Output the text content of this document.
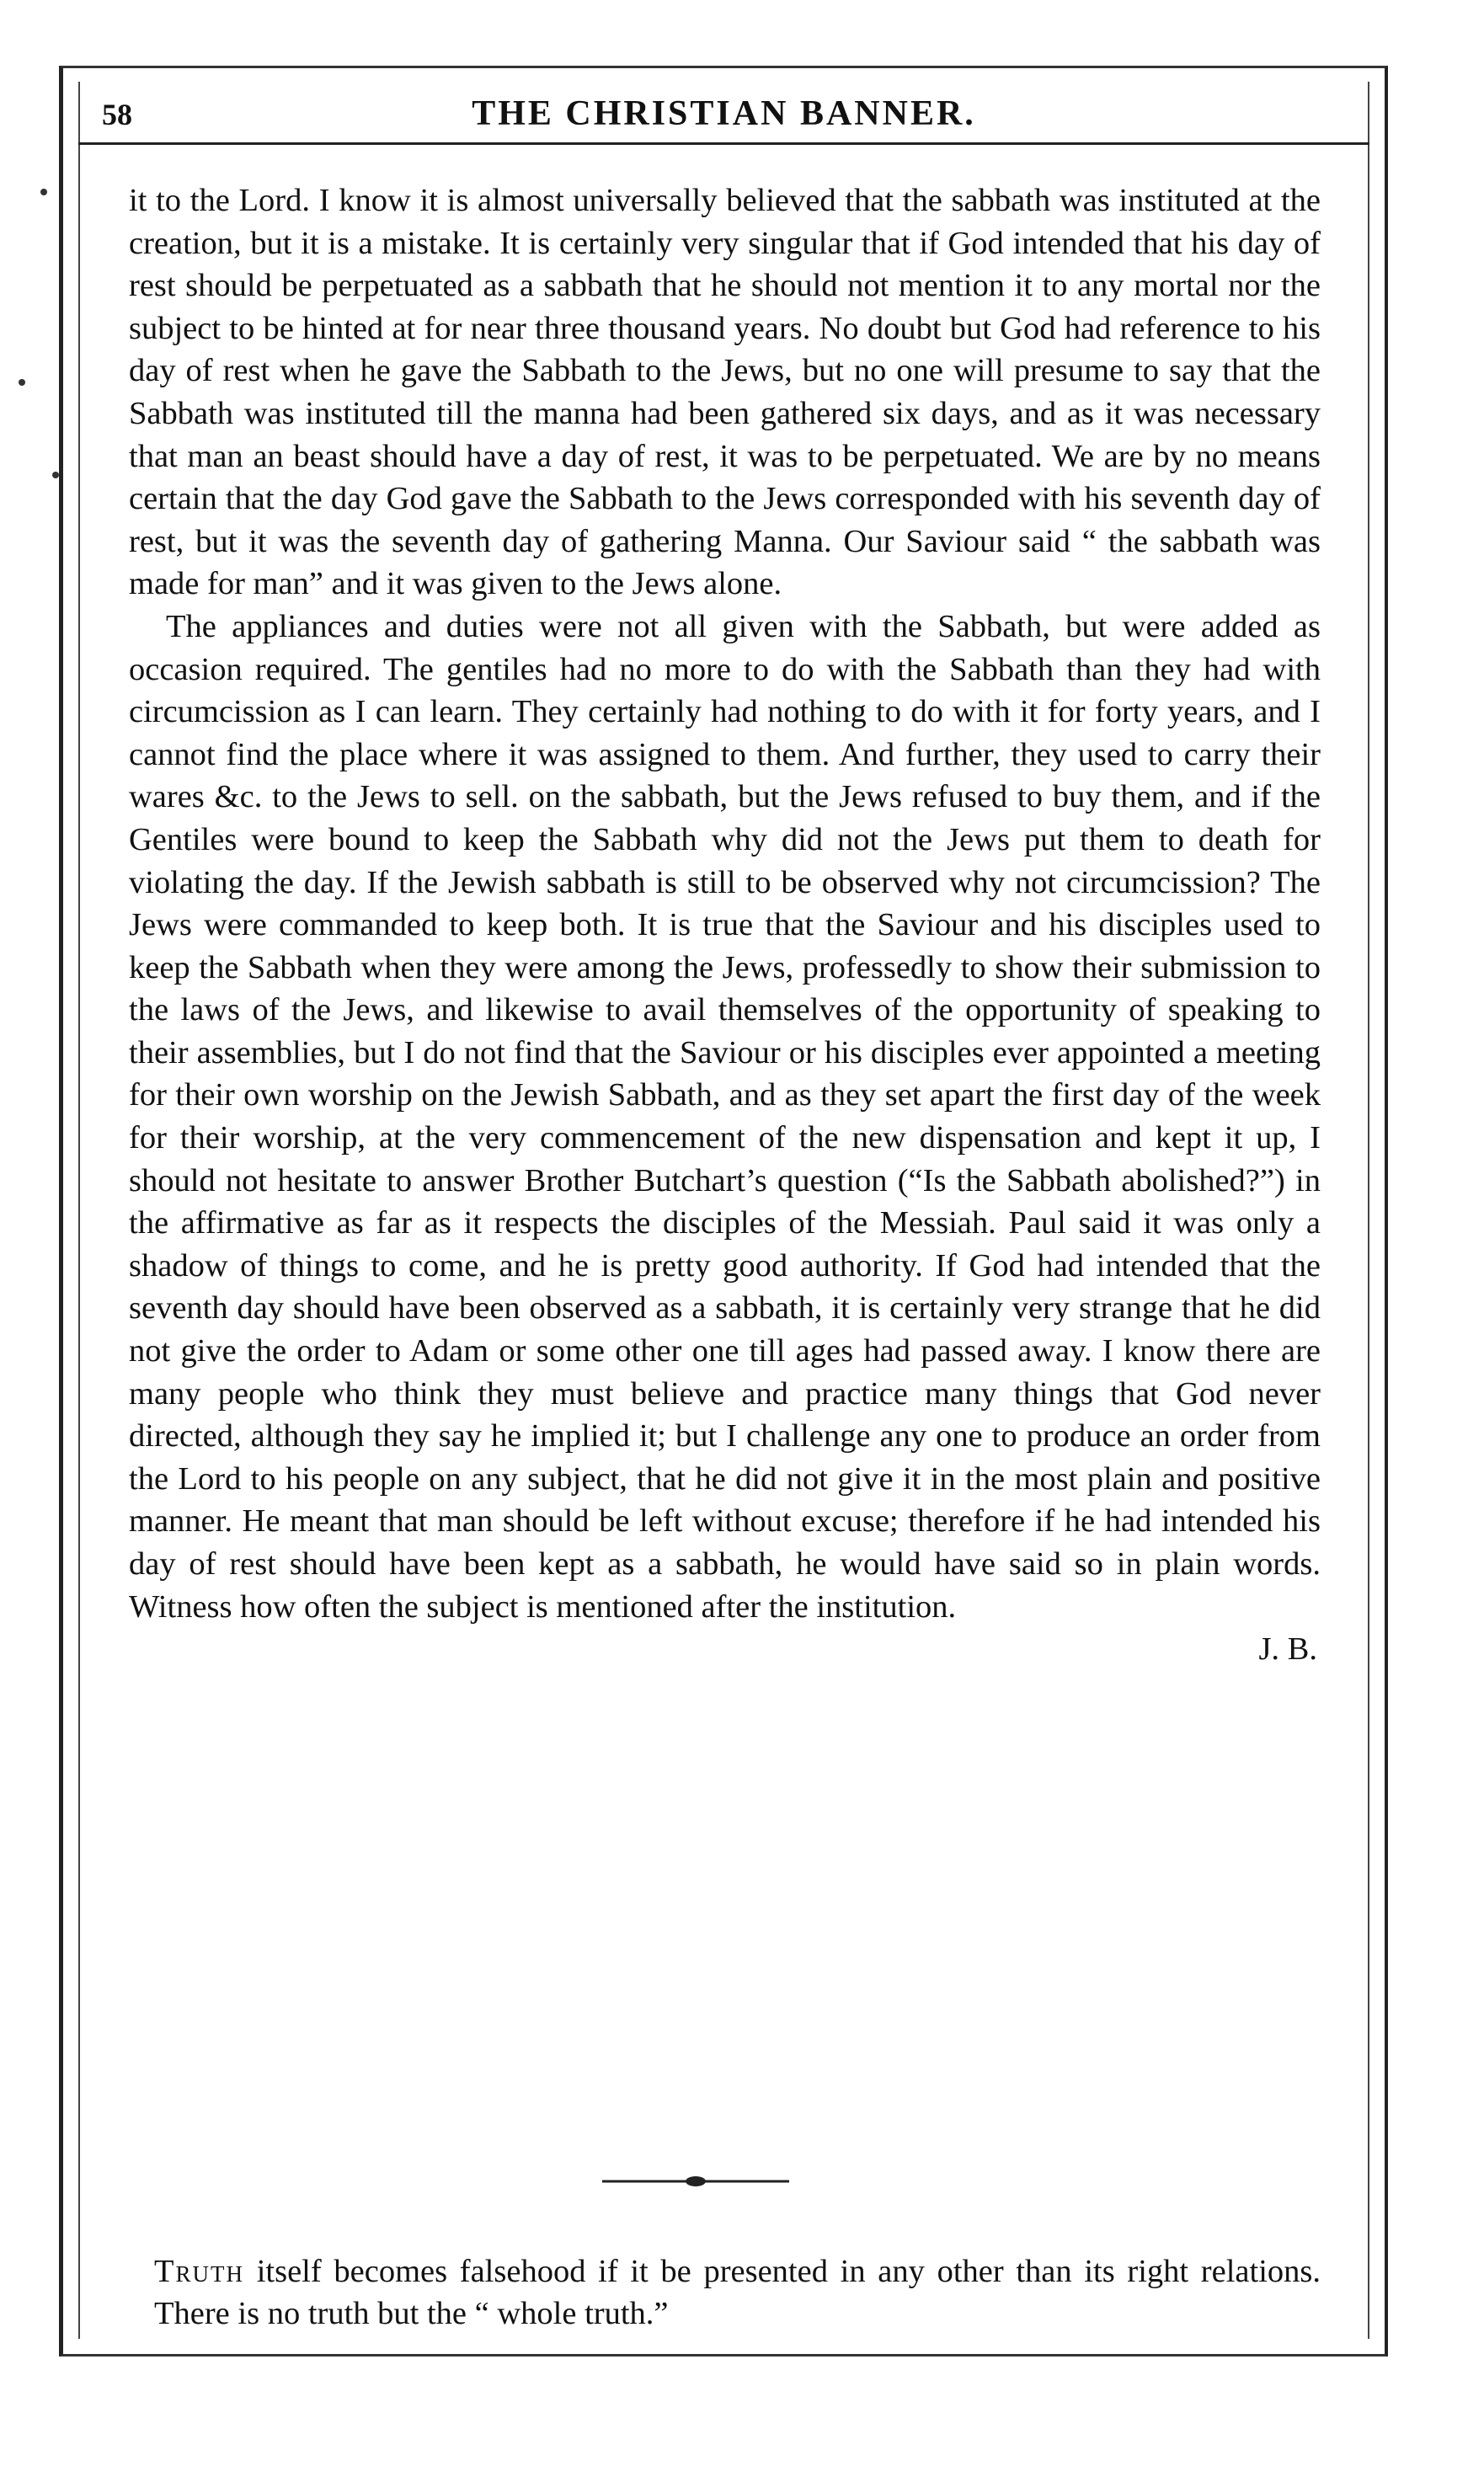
58	THE CHRISTIAN BANNER.

it to the Lord. I know it is almost universally believed that the sabbath was instituted at the creation, but it is a mistake. It is certainly very singular that if God intended that his day of rest should be perpetuated as a sabbath that he should not mention it to any mortal nor the subject to be hinted at for near three thousand years. No doubt but God had reference to his day of rest when he gave the Sabbath to the Jews, but no one will presume to say that the Sabbath was instituted till the manna had been gathered six days, and as it was necessary that man an beast should have a day of rest, it was to be perpetuated. We are by no means certain that the day God gave the Sabbath to the Jews corresponded with his seventh day of rest, but it was the seventh day of gathering Manna. Our Saviour said “ the sabbath was made for man” and it was given to the Jews alone.

The appliances and duties were not all given with the Sabbath, but were added as occasion required. The gentiles had no more to do with the Sabbath than they had with circumcission as I can learn. They certainly had nothing to do with it for forty years, and I cannot find the place where it was assigned to them. And further, they used to carry their wares &c. to the Jews to sell. on the sabbath, but the Jews refused to buy them, and if the Gentiles were bound to keep the Sabbath why did not the Jews put them to death for violating the day. If the Jewish sabbath is still to be observed why not circumcission? The Jews were commanded to keep both. It is true that the Saviour and his disciples used to keep the Sabbath when they were among the Jews, professedly to show their submission to the laws of the Jews, and likewise to avail themselves of the opportunity of speaking to their assemblies, but I do not find that the Saviour or his disciples ever appointed a meeting for their own worship on the Jewish Sabbath, and as they set apart the first day of the week for their worship, at the very commencement of the new dispensation and kept it up, I should not hesitate to answer Brother Butchart’s question (“Is the Sabbath abolished?”) in the affirmative as far as it respects the disciples of the Messiah. Paul said it was only a shadow of things to come, and he is pretty good authority. If God had intended that the seventh day should have been observed as a sabbath, it is certainly very strange that he did not give the order to Adam or some other one till ages had passed away. I know there are many people who think they must believe and practice many things that God never directed, although they say he implied it; but I challenge any one to produce an order from the Lord to his people on any subject, that he did not give it in the most plain and positive manner. He meant that man should be left without excuse; therefore if he had intended his day of rest should have been kept as a sabbath, he would have said so in plain words. Witness how often the subject is mentioned after the institution.

J. B.

Truth itself becomes falsehood if it be presented in any other than its right relations. There is no truth but the “ whole truth.”
